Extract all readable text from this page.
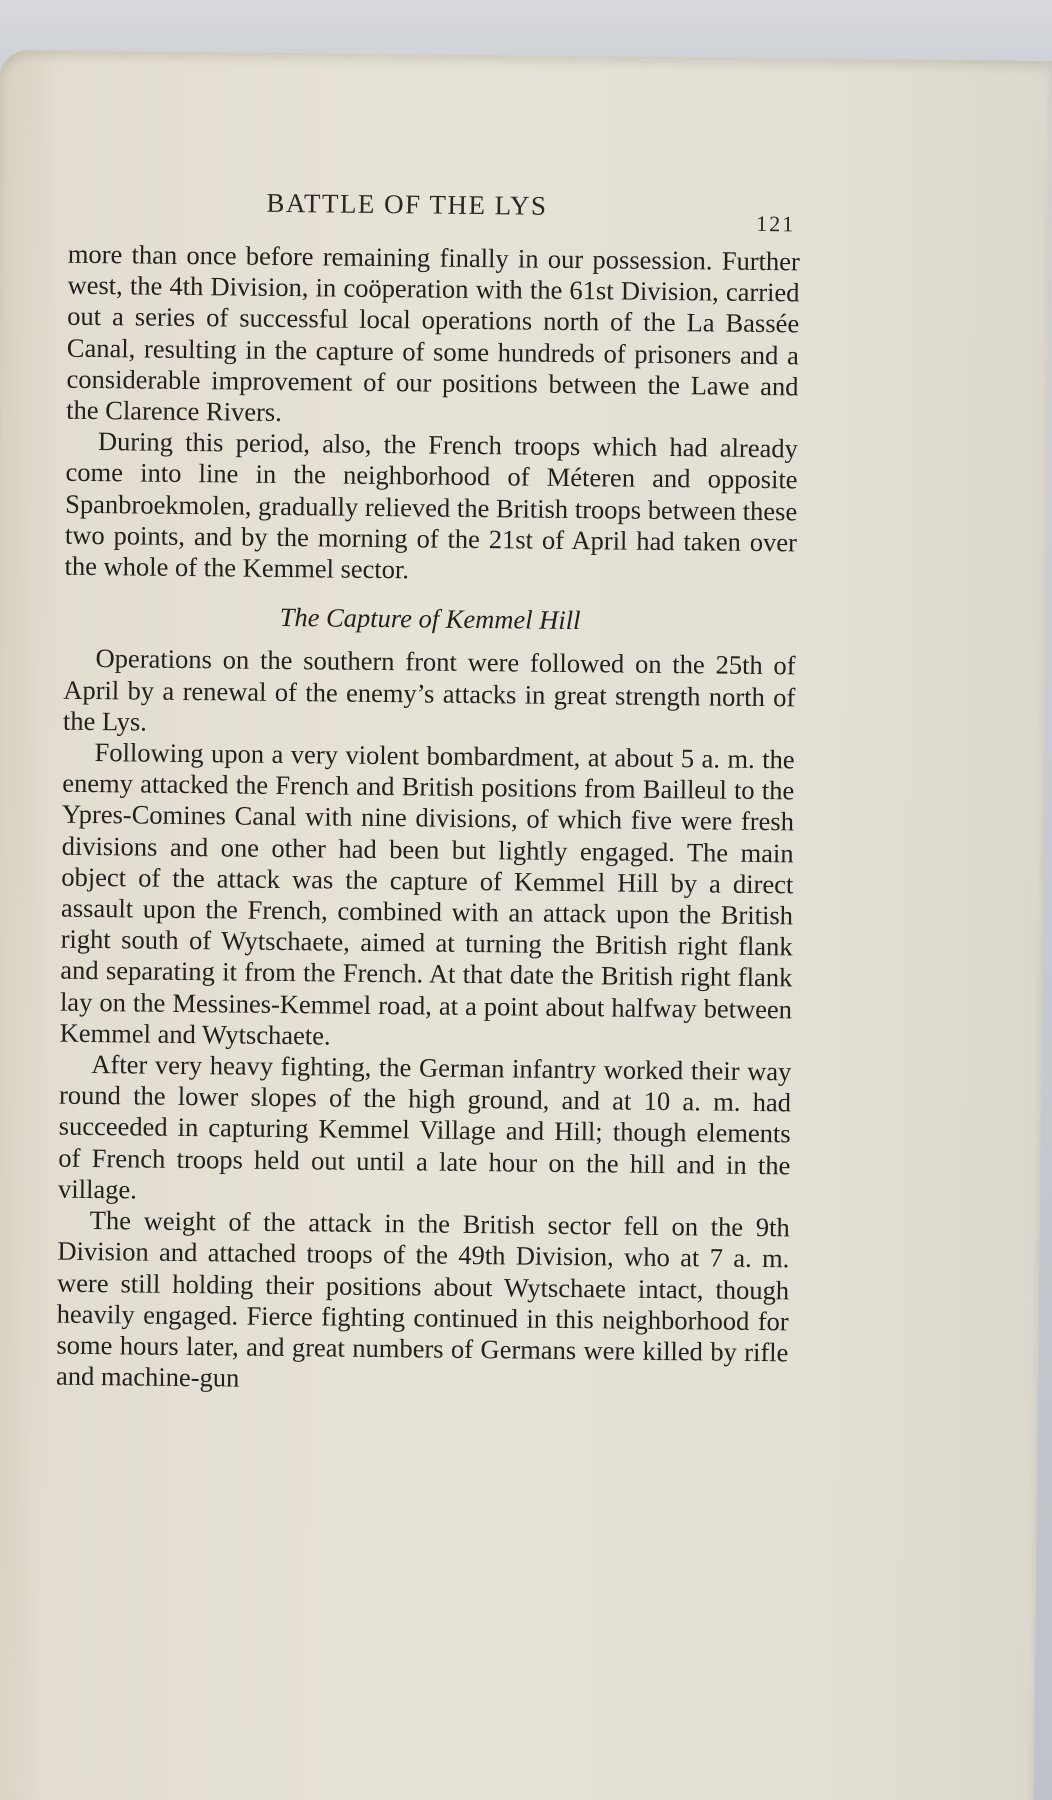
BATTLE OF THE LYS
121

more than once before remaining finally in our possession. Further west, the 4th Division, in coöperation with the 61st Division, carried out a series of successful local operations north of the La Bassée Canal, resulting in the capture of some hundreds of prisoners and a considerable improvement of our positions between the Lawe and the Clarence Rivers.

During this period, also, the French troops which had already come into line in the neighborhood of Méteren and opposite Spanbroekmolen, gradually relieved the British troops between these two points, and by the morning of the 21st of April had taken over the whole of the Kemmel sector.

The Capture of Kemmel Hill

Operations on the southern front were followed on the 25th of April by a renewal of the enemy’s attacks in great strength north of the Lys.

Following upon a very violent bombardment, at about 5 a. m. the enemy attacked the French and British positions from Bailleul to the Ypres-Comines Canal with nine divisions, of which five were fresh divisions and one other had been but lightly engaged. The main object of the attack was the capture of Kemmel Hill by a direct assault upon the French, combined with an attack upon the British right south of Wytschaete, aimed at turning the British right flank and separating it from the French. At that date the British right flank lay on the Messines-Kemmel road, at a point about halfway between Kemmel and Wytschaete.

After very heavy fighting, the German infantry worked their way round the lower slopes of the high ground, and at 10 a. m. had succeeded in capturing Kemmel Village and Hill; though elements of French troops held out until a late hour on the hill and in the village.

The weight of the attack in the British sector fell on the 9th Division and attached troops of the 49th Division, who at 7 a. m. were still holding their positions about Wytschaete intact, though heavily engaged. Fierce fighting continued in this neighborhood for some hours later, and great numbers of Germans were killed by rifle and machine-gun
